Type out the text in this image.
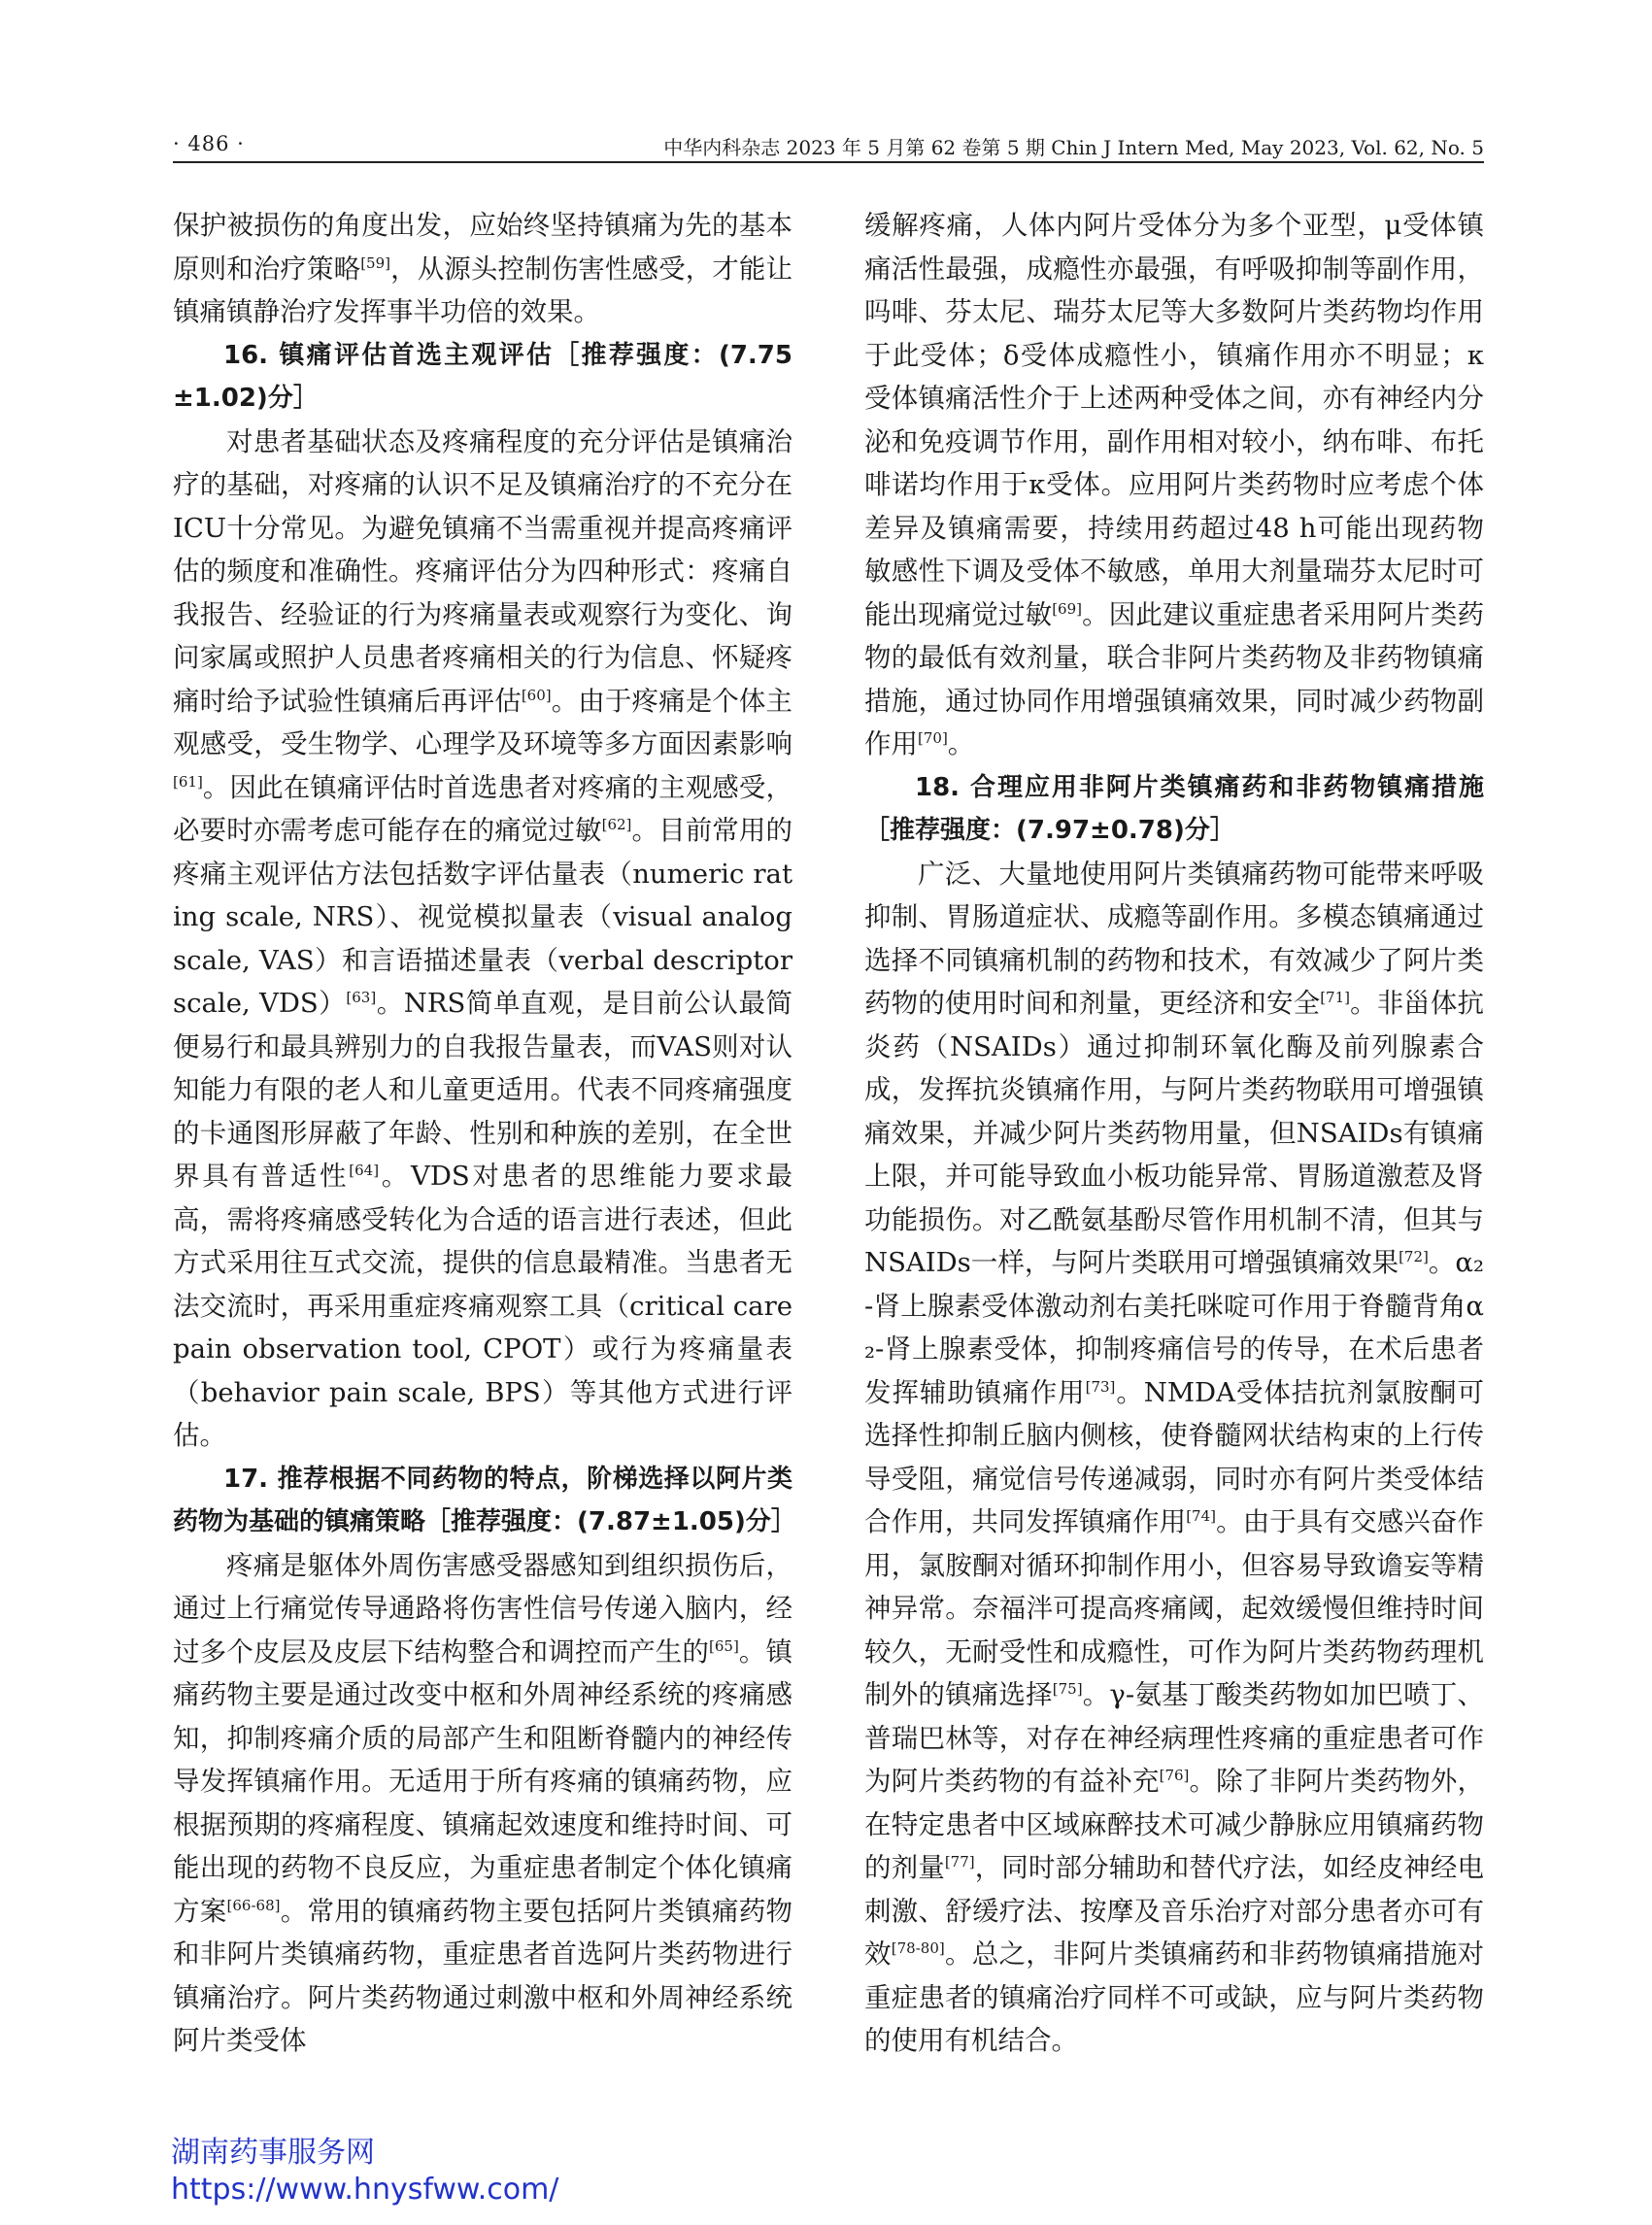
· 486 ·	中华内科杂志 2023 年 5 月第 62 卷第 5 期 Chin J Intern Med, May 2023, Vol. 62, No. 5

保护被损伤的角度出发，应始终坚持镇痛为先的基本原则和治疗策略[59]，从源头控制伤害性感受，才能让镇痛镇静治疗发挥事半功倍的效果。

16. 镇痛评估首选主观评估［推荐强度：(7.75±1.02)分］

对患者基础状态及疼痛程度的充分评估是镇痛治疗的基础，对疼痛的认识不足及镇痛治疗的不充分在ICU十分常见。为避免镇痛不当需重视并提高疼痛评估的频度和准确性。疼痛评估分为四种形式：疼痛自我报告、经验证的行为疼痛量表或观察行为变化、询问家属或照护人员患者疼痛相关的行为信息、怀疑疼痛时给予试验性镇痛后再评估[60]。由于疼痛是个体主观感受，受生物学、心理学及环境等多方面因素影响[61]。因此在镇痛评估时首选患者对疼痛的主观感受，必要时亦需考虑可能存在的痛觉过敏[62]。目前常用的疼痛主观评估方法包括数字评估量表（numeric rating scale, NRS）、视觉模拟量表（visual analog scale, VAS）和言语描述量表（verbal descriptor scale, VDS）[63]。NRS简单直观，是目前公认最简便易行和最具辨别力的自我报告量表，而VAS则对认知能力有限的老人和儿童更适用。代表不同疼痛强度的卡通图形屏蔽了年龄、性别和种族的差别，在全世界具有普适性[64]。VDS对患者的思维能力要求最高，需将疼痛感受转化为合适的语言进行表述，但此方式采用往互式交流，提供的信息最精准。当患者无法交流时，再采用重症疼痛观察工具（critical care pain observation tool, CPOT）或行为疼痛量表（behavior pain scale, BPS）等其他方式进行评估。

17. 推荐根据不同药物的特点，阶梯选择以阿片类药物为基础的镇痛策略［推荐强度：(7.87±1.05)分］

疼痛是躯体外周伤害感受器感知到组织损伤后，通过上行痛觉传导通路将伤害性信号传递入脑内，经过多个皮层及皮层下结构整合和调控而产生的[65]。镇痛药物主要是通过改变中枢和外周神经系统的疼痛感知，抑制疼痛介质的局部产生和阻断脊髓内的神经传导发挥镇痛作用。无适用于所有疼痛的镇痛药物，应根据预期的疼痛程度、镇痛起效速度和维持时间、可能出现的药物不良反应，为重症患者制定个体化镇痛方案[66-68]。常用的镇痛药物主要包括阿片类镇痛药物和非阿片类镇痛药物，重症患者首选阿片类药物进行镇痛治疗。阿片类药物通过刺激中枢和外周神经系统阿片类受体

缓解疼痛，人体内阿片受体分为多个亚型，μ受体镇痛活性最强，成瘾性亦最强，有呼吸抑制等副作用，吗啡、芬太尼、瑞芬太尼等大多数阿片类药物均作用于此受体；δ受体成瘾性小，镇痛作用亦不明显；κ受体镇痛活性介于上述两种受体之间，亦有神经内分泌和免疫调节作用，副作用相对较小，纳布啡、布托啡诺均作用于κ受体。应用阿片类药物时应考虑个体差异及镇痛需要，持续用药超过48 h可能出现药物敏感性下调及受体不敏感，单用大剂量瑞芬太尼时可能出现痛觉过敏[69]。因此建议重症患者采用阿片类药物的最低有效剂量，联合非阿片类药物及非药物镇痛措施，通过协同作用增强镇痛效果，同时减少药物副作用[70]。

18. 合理应用非阿片类镇痛药和非药物镇痛措施［推荐强度：(7.97±0.78)分］

广泛、大量地使用阿片类镇痛药物可能带来呼吸抑制、胃肠道症状、成瘾等副作用。多模态镇痛通过选择不同镇痛机制的药物和技术，有效减少了阿片类药物的使用时间和剂量，更经济和安全[71]。非甾体抗炎药（NSAIDs）通过抑制环氧化酶及前列腺素合成，发挥抗炎镇痛作用，与阿片类药物联用可增强镇痛效果，并减少阿片类药物用量，但NSAIDs有镇痛上限，并可能导致血小板功能异常、胃肠道激惹及肾功能损伤。对乙酰氨基酚尽管作用机制不清，但其与NSAIDs一样，与阿片类联用可增强镇痛效果[72]。α₂-肾上腺素受体激动剂右美托咪啶可作用于脊髓背角α₂-肾上腺素受体，抑制疼痛信号的传导，在术后患者发挥辅助镇痛作用[73]。NMDA受体拮抗剂氯胺酮可选择性抑制丘脑内侧核，使脊髓网状结构束的上行传导受阻，痛觉信号传递减弱，同时亦有阿片类受体结合作用，共同发挥镇痛作用[74]。由于具有交感兴奋作用，氯胺酮对循环抑制作用小，但容易导致谵妄等精神异常。奈福泮可提高疼痛阈，起效缓慢但维持时间较久，无耐受性和成瘾性，可作为阿片类药物药理机制外的镇痛选择[75]。γ-氨基丁酸类药物如加巴喷丁、普瑞巴林等，对存在神经病理性疼痛的重症患者可作为阿片类药物的有益补充[76]。除了非阿片类药物外，在特定患者中区域麻醉技术可减少静脉应用镇痛药物的剂量[77]，同时部分辅助和替代疗法，如经皮神经电刺激、舒缓疗法、按摩及音乐治疗对部分患者亦可有效[78-80]。总之，非阿片类镇痛药和非药物镇痛措施对重症患者的镇痛治疗同样不可或缺，应与阿片类药物的使用有机结合。

湖南药事服务网
https://www.hnysfww.com/
